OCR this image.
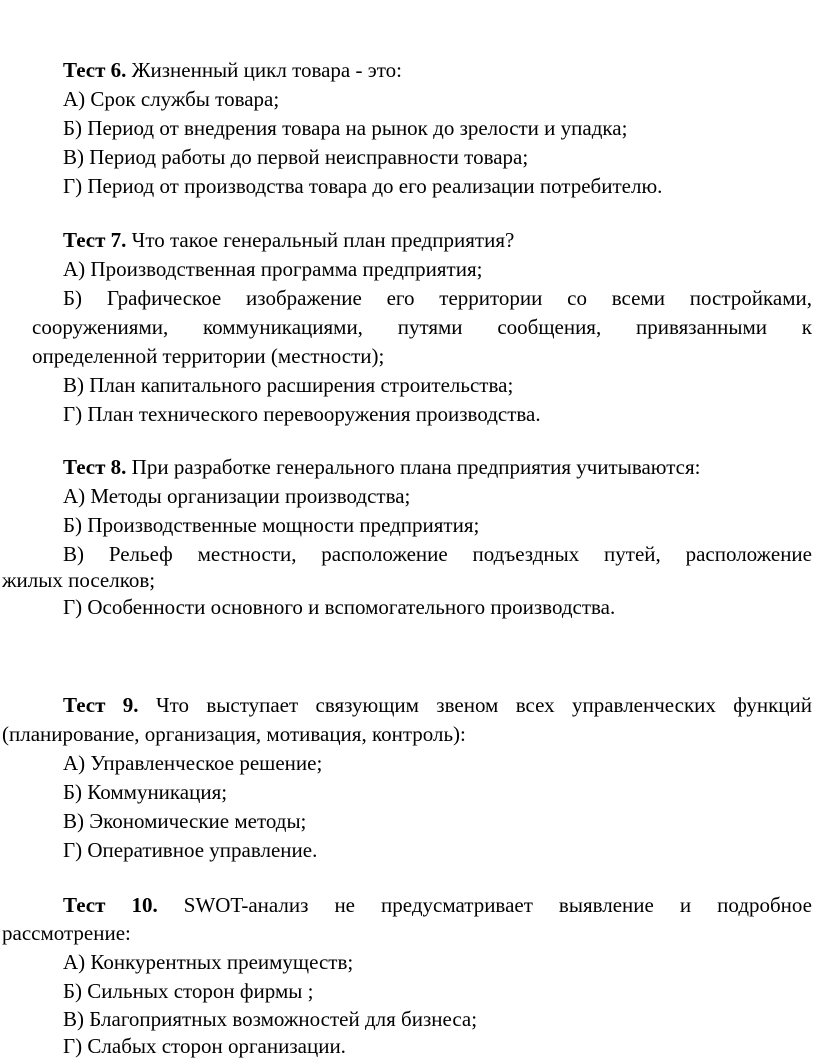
Тест 6. Жизненный цикл товара - это:
А) Срок службы товара;
Б) Период от внедрения товара на рынок до зрелости и упадка;
В) Период работы до первой неисправности товара;
Г) Период от производства товара до его реализации потребителю.
Тест 7. Что такое генеральный план предприятия?
А) Производственная программа предприятия;
Б) Графическое изображение его территории со всеми постройками,
сооружениями, коммуникациями, путями сообщения, привязанными к
определенной территории (местности);
В) План капитального расширения строительства;
Г) План технического перевооружения производства.
Тест 8. При разработке генерального плана предприятия учитываются:
А) Методы организации производства;
Б) Производственные мощности предприятия;
В) Рельеф местности, расположение подъездных путей, расположение
жилых поселков;
Г) Особенности основного и вспомогательного производства.
Тест 9. Что выступает связующим звеном всех управленческих функций
(планирование, организация, мотивация, контроль):
А) Управленческое решение;
Б) Коммуникация;
В) Экономические методы;
Г) Оперативное управление.
Тест 10. SWOT-анализ не предусматривает выявление и подробное
рассмотрение:
А) Конкурентных преимуществ;
Б) Сильных сторон фирмы ;
В) Благоприятных возможностей для бизнеса;
Г) Слабых сторон организации.
